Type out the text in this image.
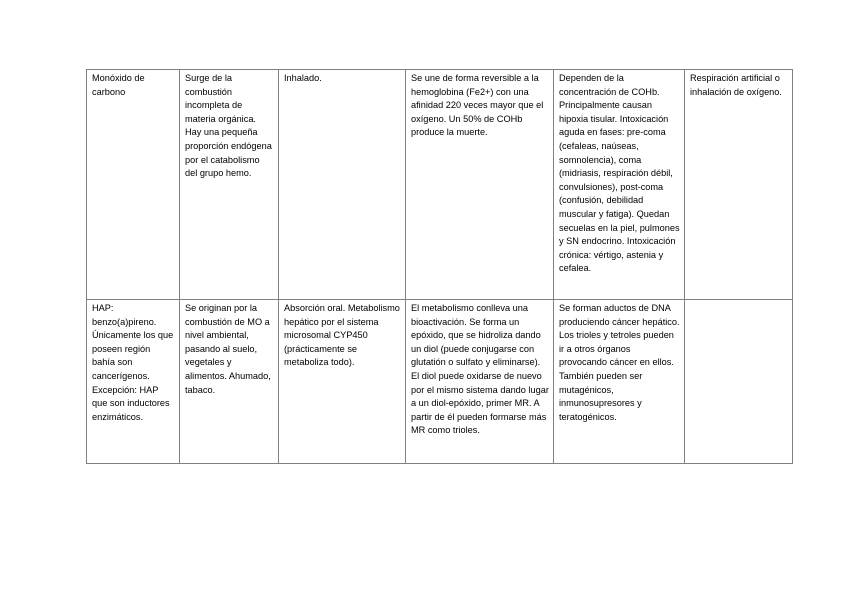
Monóxido de carbono	Surge de la combustión incompleta de materia orgánica. Hay una pequeña proporción endógena por el catabolismo del grupo hemo.	Inhalado.	Se une de forma reversible a la hemoglobina (Fe2+) con una afinidad 220 veces mayor que el oxígeno. Un 50% de COHb produce la muerte.	Dependen de la concentración de COHb. Principalmente causan hipoxia tisular. Intoxicación aguda en fases: pre-coma (cefaleas, naúseas, somnolencia), coma (midriasis, respiración débil, convulsiones), post-coma (confusión, debilidad muscular y fatiga). Quedan secuelas en la piel, pulmones y SN endocrino. Intoxicación crónica: vértigo, astenia y cefalea.	Respiración artificial o inhalación de oxígeno.
HAP: benzo(a)pireno. Únicamente los que poseen región bahía son cancerígenos. Excepción: HAP que son inductores enzimáticos.	Se originan por la combustión de MO a nivel ambiental, pasando al suelo, vegetales y alimentos. Ahumado, tabaco.	Absorción oral. Metabolismo hepático por el sistema microsomal CYP450 (prácticamente se metaboliza todo).	El metabolismo conlleva una bioactivación. Se forma un epóxido, que se hidroliza dando un diol (puede conjugarse con glutatión o sulfato y eliminarse). El diol puede oxidarse de nuevo por el mismo sistema dando lugar a un diol-epóxido, primer MR. A partir de él pueden formarse más MR como trioles.	Se forman aductos de DNA produciendo cáncer hepático. Los trioles y tetroles pueden ir a otros órganos provocando cáncer en ellos. También pueden ser mutagénicos, inmunosupresores y teratogénicos.	
